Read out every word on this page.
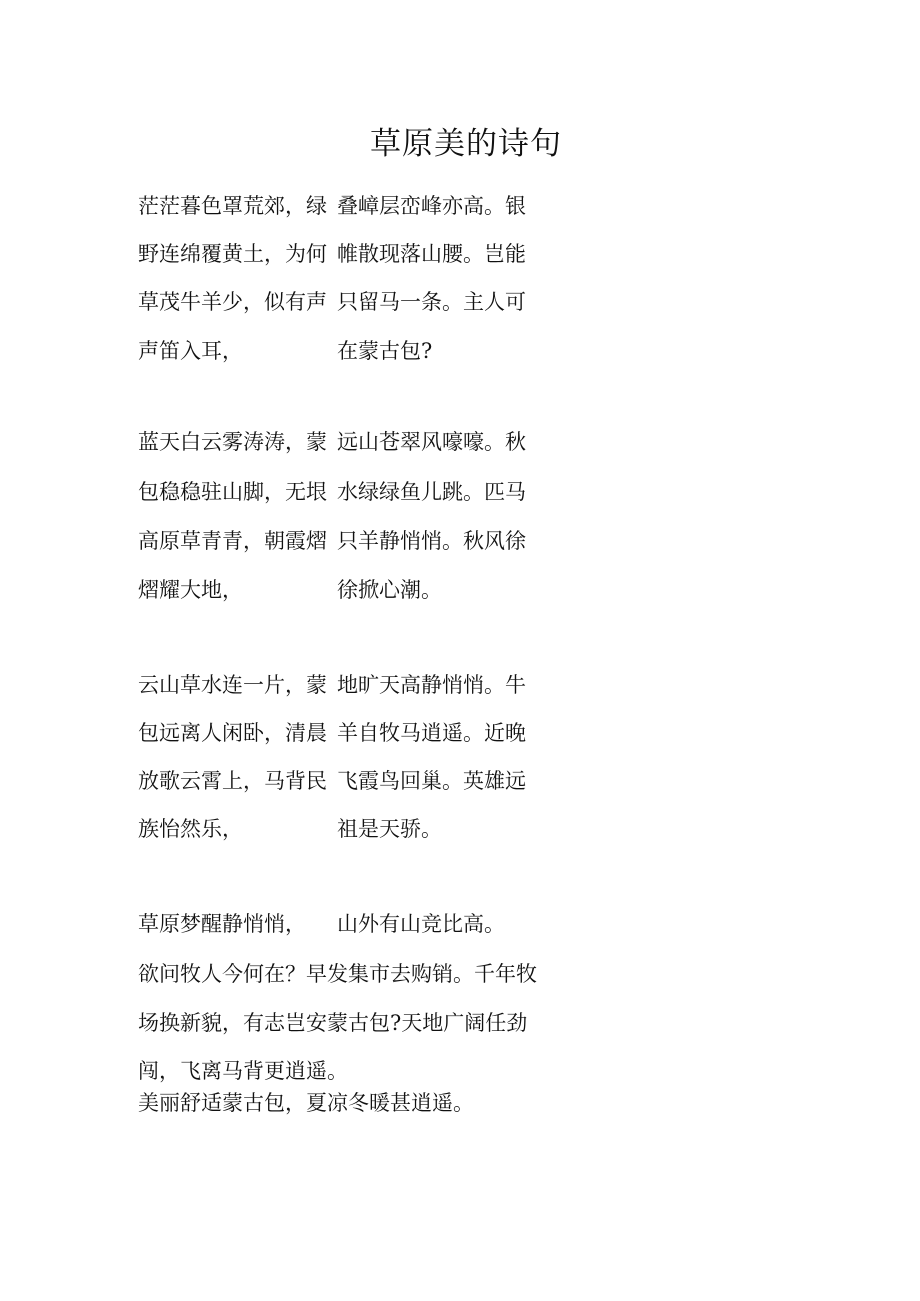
草原美的诗句
茫茫暮色罩荒郊，绿
野连绵覆黄土，为何
草茂牛羊少，似有声
声笛入耳，
叠嶂层峦峰亦高。银
帷散现落山腰。岂能
只留马一条。主人可
在蒙古包?
蓝天白云雾涛涛，蒙
包稳稳驻山脚，无垠
高原草青青，朝霞熠
熠耀大地，
远山苍翠风嚎嚎。秋
水绿绿鱼儿跳。匹马
只羊静悄悄。秋风徐
徐掀心潮。
云山草水连一片，蒙
包远离人闲卧，清晨
放歌云霄上，马背民
族怡然乐，
地旷天高静悄悄。牛
羊自牧马逍遥。近晚
飞霞鸟回巢。英雄远
祖是天骄。
草原梦醒静悄悄， 山外有山竞比高。
欲问牧人今何在？早发集市去购销。千年牧
场换新貌，有志岂安蒙古包?天地广阔任劲
闯，飞离马背更逍遥。
美丽舒适蒙古包，夏凉冬暖甚逍遥。
